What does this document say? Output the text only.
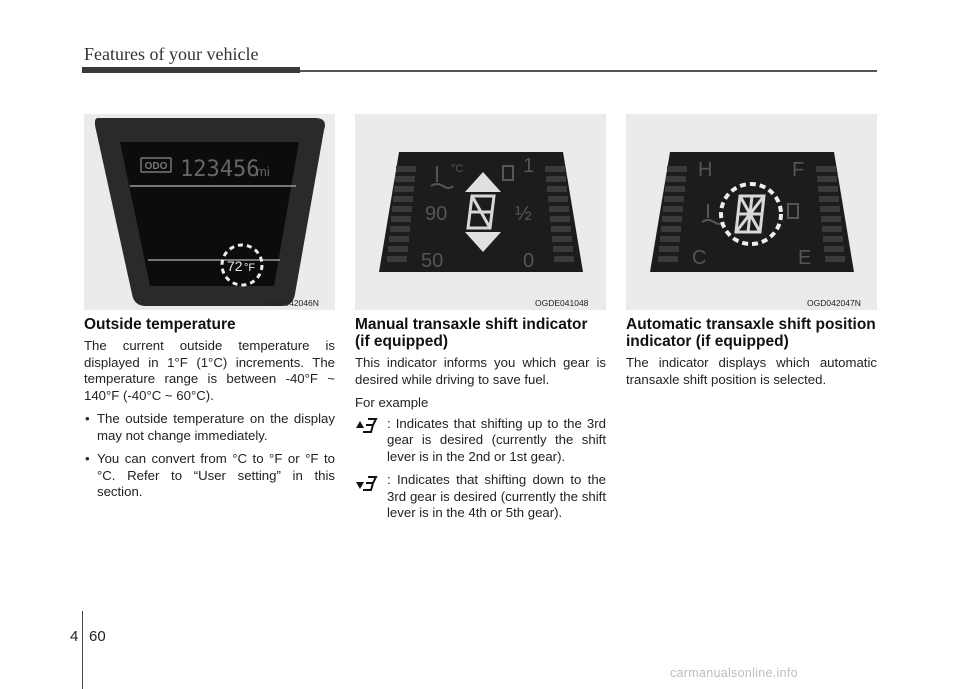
Features of your vehicle
ODO 123456
mi
72 °F
OGD042046N
°C
90
50
1
½
0
OGDE041048
H
C
F
E
OGD042047N
Outside temperature

The current outside temperature is displayed in 1°F (1°C) increments. The temperature range is between -40°F ~ 140°F (-40°C ~ 60°C).

• The outside temperature on the display may not change immediately.
• You can convert from °C to °F or °F to °C. Refer to “User setting” in this section.
Manual transaxle shift indicator (if equipped)

This indicator informs you which gear is desired while driving to save fuel.

For example

: Indicates that shifting up to the 3rd gear is desired (currently the shift lever is in the 2nd or 1st gear).
: Indicates that shifting down to the 3rd gear is desired (currently the shift lever is in the 4th or 5th gear).
Automatic transaxle shift position indicator (if equipped)

The indicator displays which automatic transaxle shift position is selected.

4 60
carmanualsonline.info
